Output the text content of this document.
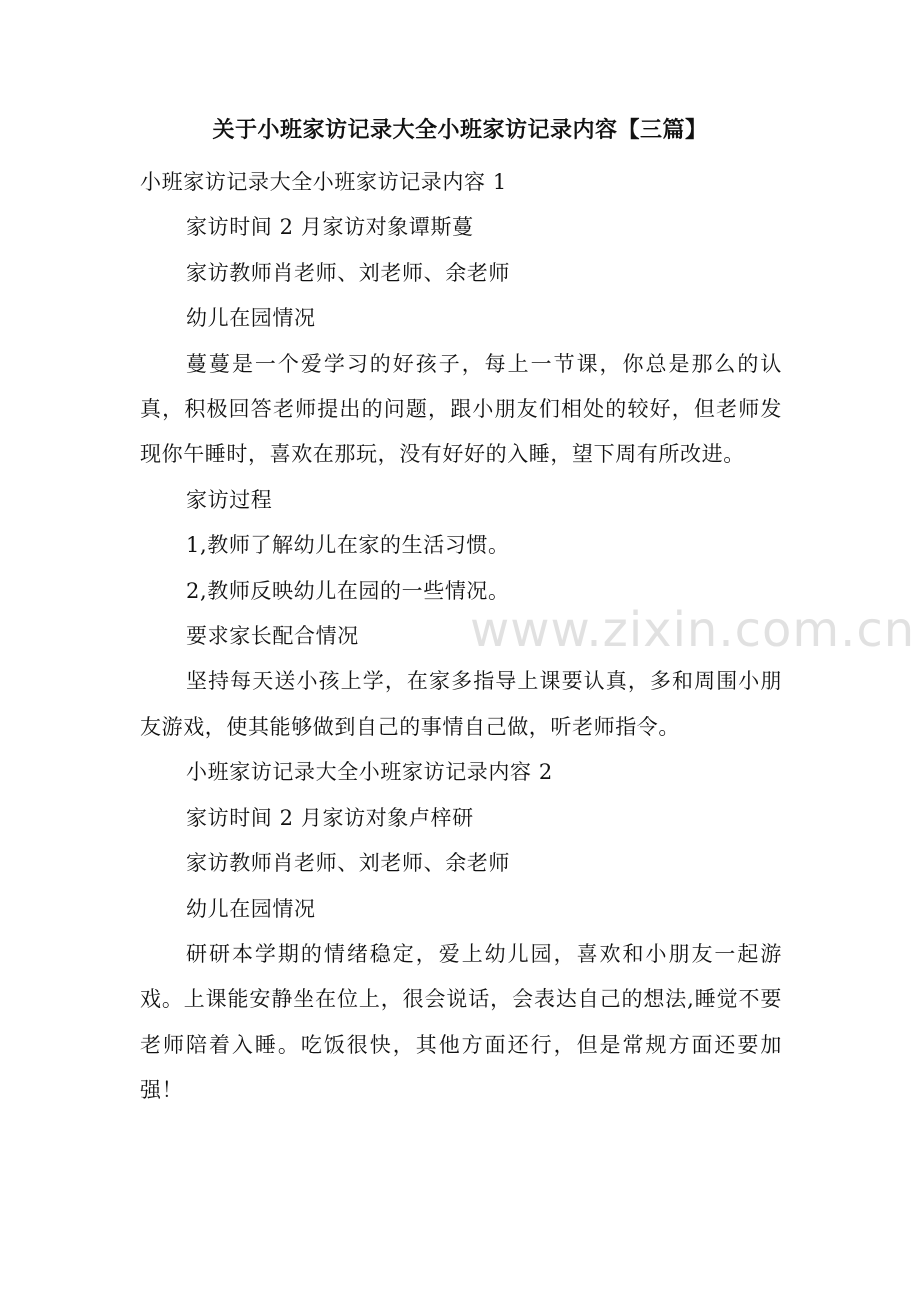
关于小班家访记录大全小班家访记录内容【三篇】

小班家访记录大全小班家访记录内容 1

家访时间 2 月家访对象谭斯蔓

家访教师肖老师、刘老师、余老师

幼儿在园情况

蔓蔓是一个爱学习的好孩子，每上一节课，你总是那么的认真，积极回答老师提出的问题，跟小朋友们相处的较好，但老师发现你午睡时，喜欢在那玩，没有好好的入睡，望下周有所改进。

家访过程

1,教师了解幼儿在家的生活习惯。

2,教师反映幼儿在园的一些情况。

要求家长配合情况

坚持每天送小孩上学，在家多指导上课要认真，多和周围小朋友游戏，使其能够做到自己的事情自己做，听老师指令。

小班家访记录大全小班家访记录内容 2

家访时间 2 月家访对象卢梓研

家访教师肖老师、刘老师、余老师

幼儿在园情况

研研本学期的情绪稳定，爱上幼儿园，喜欢和小朋友一起游戏。上课能安静坐在位上，很会说话，会表达自己的想法,睡觉不要老师陪着入睡。吃饭很快，其他方面还行，但是常规方面还要加强！

www.zixin.com.cn
